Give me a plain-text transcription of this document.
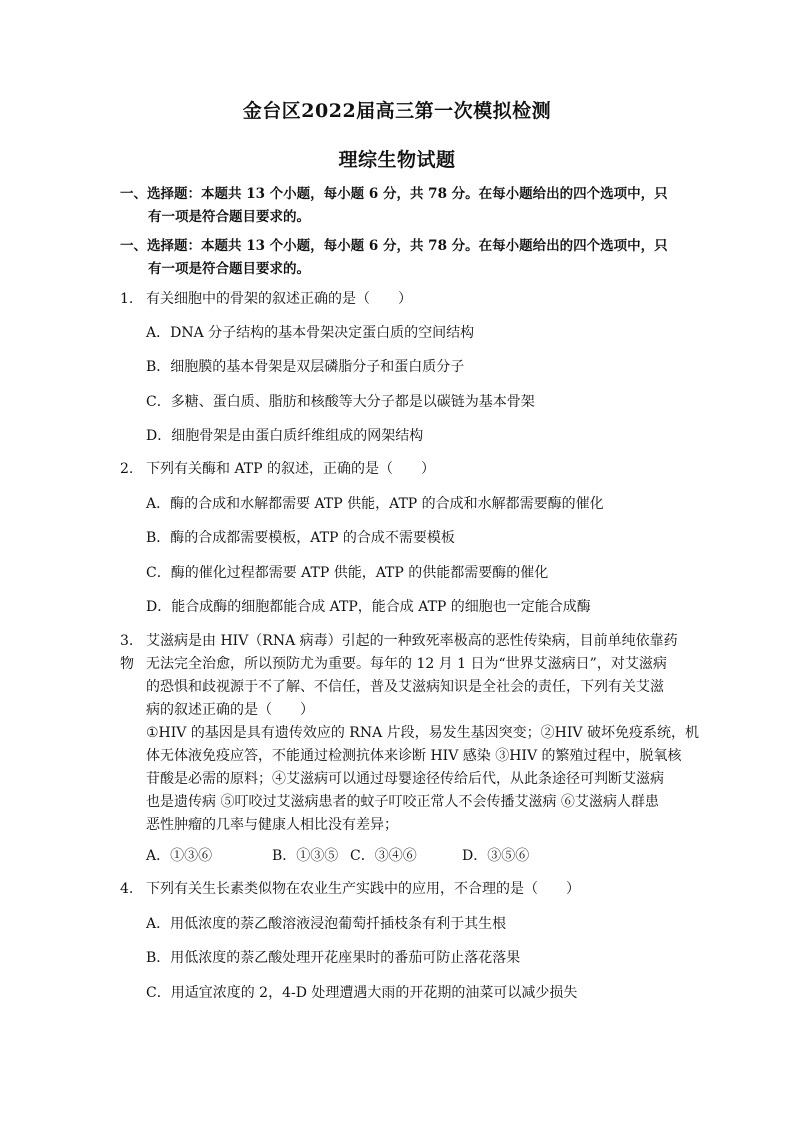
金台区2022届高三第一次模拟检测
理综生物试题
一、选择题：本题共 13 个小题，每小题 6 分，共 78 分。在每小题给出的四个选项中，只
有一项是符合题目要求的。
一、选择题：本题共 13 个小题，每小题 6 分，共 78 分。在每小题给出的四个选项中，只
有一项是符合题目要求的。
1. 有关细胞中的骨架的叙述正确的是（　　）
A．DNA 分子结构的基本骨架决定蛋白质的空间结构
B．细胞膜的基本骨架是双层磷脂分子和蛋白质分子
C．多糖、蛋白质、脂肪和核酸等大分子都是以碳链为基本骨架
D．细胞骨架是由蛋白质纤维组成的网架结构
2. 下列有关酶和 ATP 的叙述，正确的是（　　）
A．酶的合成和水解都需要 ATP 供能，ATP 的合成和水解都需要酶的催化
B．酶的合成都需要模板，ATP 的合成不需要模板
C．酶的催化过程都需要 ATP 供能，ATP 的供能都需要酶的催化
D．能合成酶的细胞都能合成 ATP，能合成 ATP 的细胞也一定能合成酶
3. 艾滋病是由 HIV（RNA 病毒）引起的一种致死率极高的恶性传染病，目前单纯依靠药物 无法完全治愈，所以预防尤为重要。每年的 12 月 1 日为“世界艾滋病日”，对艾滋病
的恐惧和歧视源于不了解、不信任，普及艾滋病知识是全社会的责任，下列有关艾滋
病的叙述正确的是（　　）
①HIV 的基因是具有遗传效应的 RNA 片段，易发生基因突变；②HIV 破坏免疫系统，机
体无体液免疫应答，不能通过检测抗体来诊断 HIV 感染 ③HIV 的繁殖过程中，脱氧核
苷酸是必需的原料；④艾滋病可以通过母婴途径传给后代，从此条途径可判断艾滋病
也是遗传病 ⑤叮咬过艾滋病患者的蚊子叮咬正常人不会传播艾滋病 ⑥艾滋病人群患
恶性肿瘤的几率与健康人相比没有差异；
A．①③⑥	B．①③⑤ C．③④⑥	D．③⑤⑥
4. 下列有关生长素类似物在农业生产实践中的应用，不合理的是（　　）
A．用低浓度的萘乙酸溶液浸泡葡萄扦插枝条有利于其生根
B．用低浓度的萘乙酸处理开花座果时的番茄可防止落花落果
C．用适宜浓度的 2，4-D 处理遭遇大雨的开花期的油菜可以减少损失
